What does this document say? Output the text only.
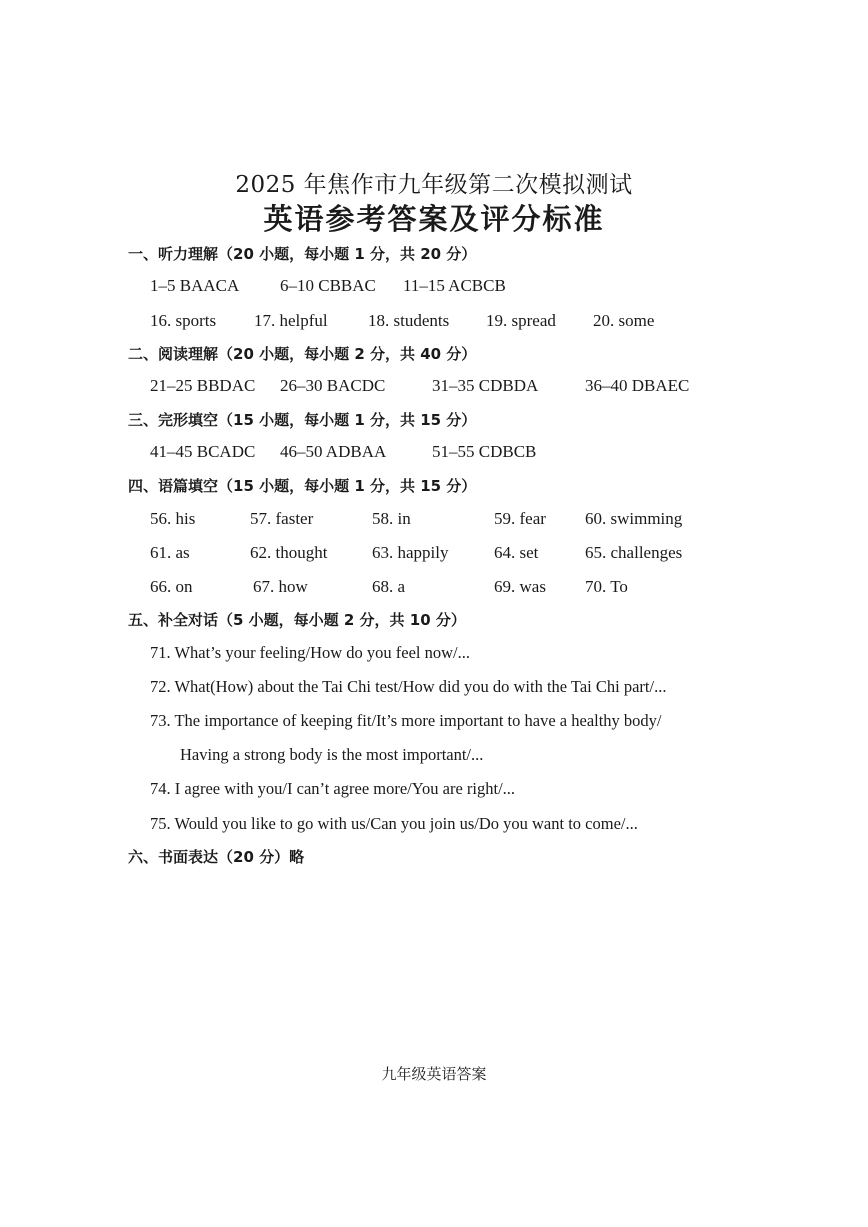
2025 年焦作市九年级第二次模拟测试
英语参考答案及评分标准
一、听力理解（20 小题，每小题 1 分，共 20 分）
1–5 BAACA 6–10 CBBAC 11–15 ACBCB
16. sports 17. helpful 18. students 19. spread 20. some
二、阅读理解（20 小题，每小题 2 分，共 40 分）
21–25 BBDAC 26–30 BACDC	31–35 CDBDA	36–40 DBAEC
三、完形填空（15 小题，每小题 1 分，共 15 分）
41–45 BCADC 46–50 ADBAA	51–55 CDBCB
四、语篇填空（15 小题，每小题 1 分，共 15 分）
56. his	57. faster	58. in	59. fear 60. swimming
61. as	62. thought	63. happily	64. set	65. challenges
66. on	67. how	68. a	69. was 70. To
五、补全对话（5 小题，每小题 2 分，共 10 分）
71. What’s your feeling/How do you feel now/...
72. What(How) about the Tai Chi test/How did you do with the Tai Chi part/...
73. The importance of keeping fit/It’s more important to have a healthy body/
Having a strong body is the most important/...
74. I agree with you/I can’t agree more/You are right/...
75. Would you like to go with us/Can you join us/Do you want to come/...
六、书面表达（20 分）略
九年级英语答案
